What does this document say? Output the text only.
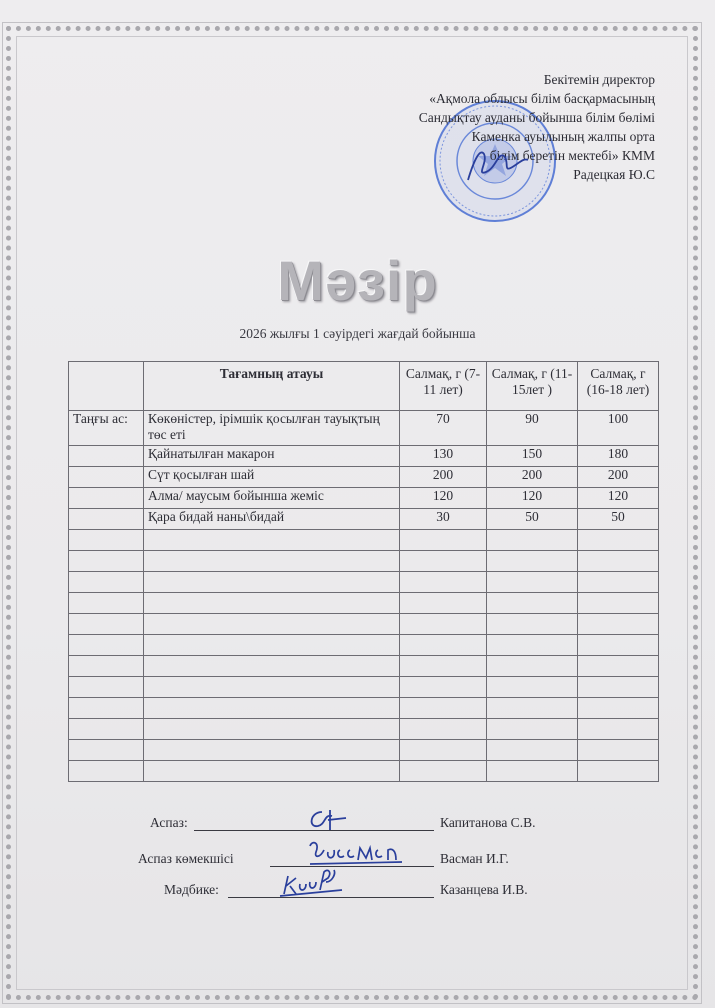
Бекітемін директор
«Ақмола облысы білім басқармасының
Сандықтау ауданы бойынша білім бөлімі
Каменка ауылының жалпы орта
білім беретін мектебі» КММ
Радецкая Ю.С
Мәзір
2026 жылғы 1 сәуірдегі жағдай бойынша
	Тағамның атауы	Салмақ, г (7-11 лет)	Салмақ, г (11-15лет )	Салмақ, г (16-18 лет)
Таңғы ас:	Көкөністер, ірімшік қосылған тауықтың төс еті	70	90	100
	Қайнатылған макарон	130	150	180
	Сүт қосылған шай	200	200	200
	Алма/ маусым бойынша жеміс	120	120	120
	Қара бидай наны\бидай	30	50	50

Аспаз:	Капитанова С.В.
Аспаз көмекшісі	Васман И.Г.
Мәдбике:	Казанцева И.В.
